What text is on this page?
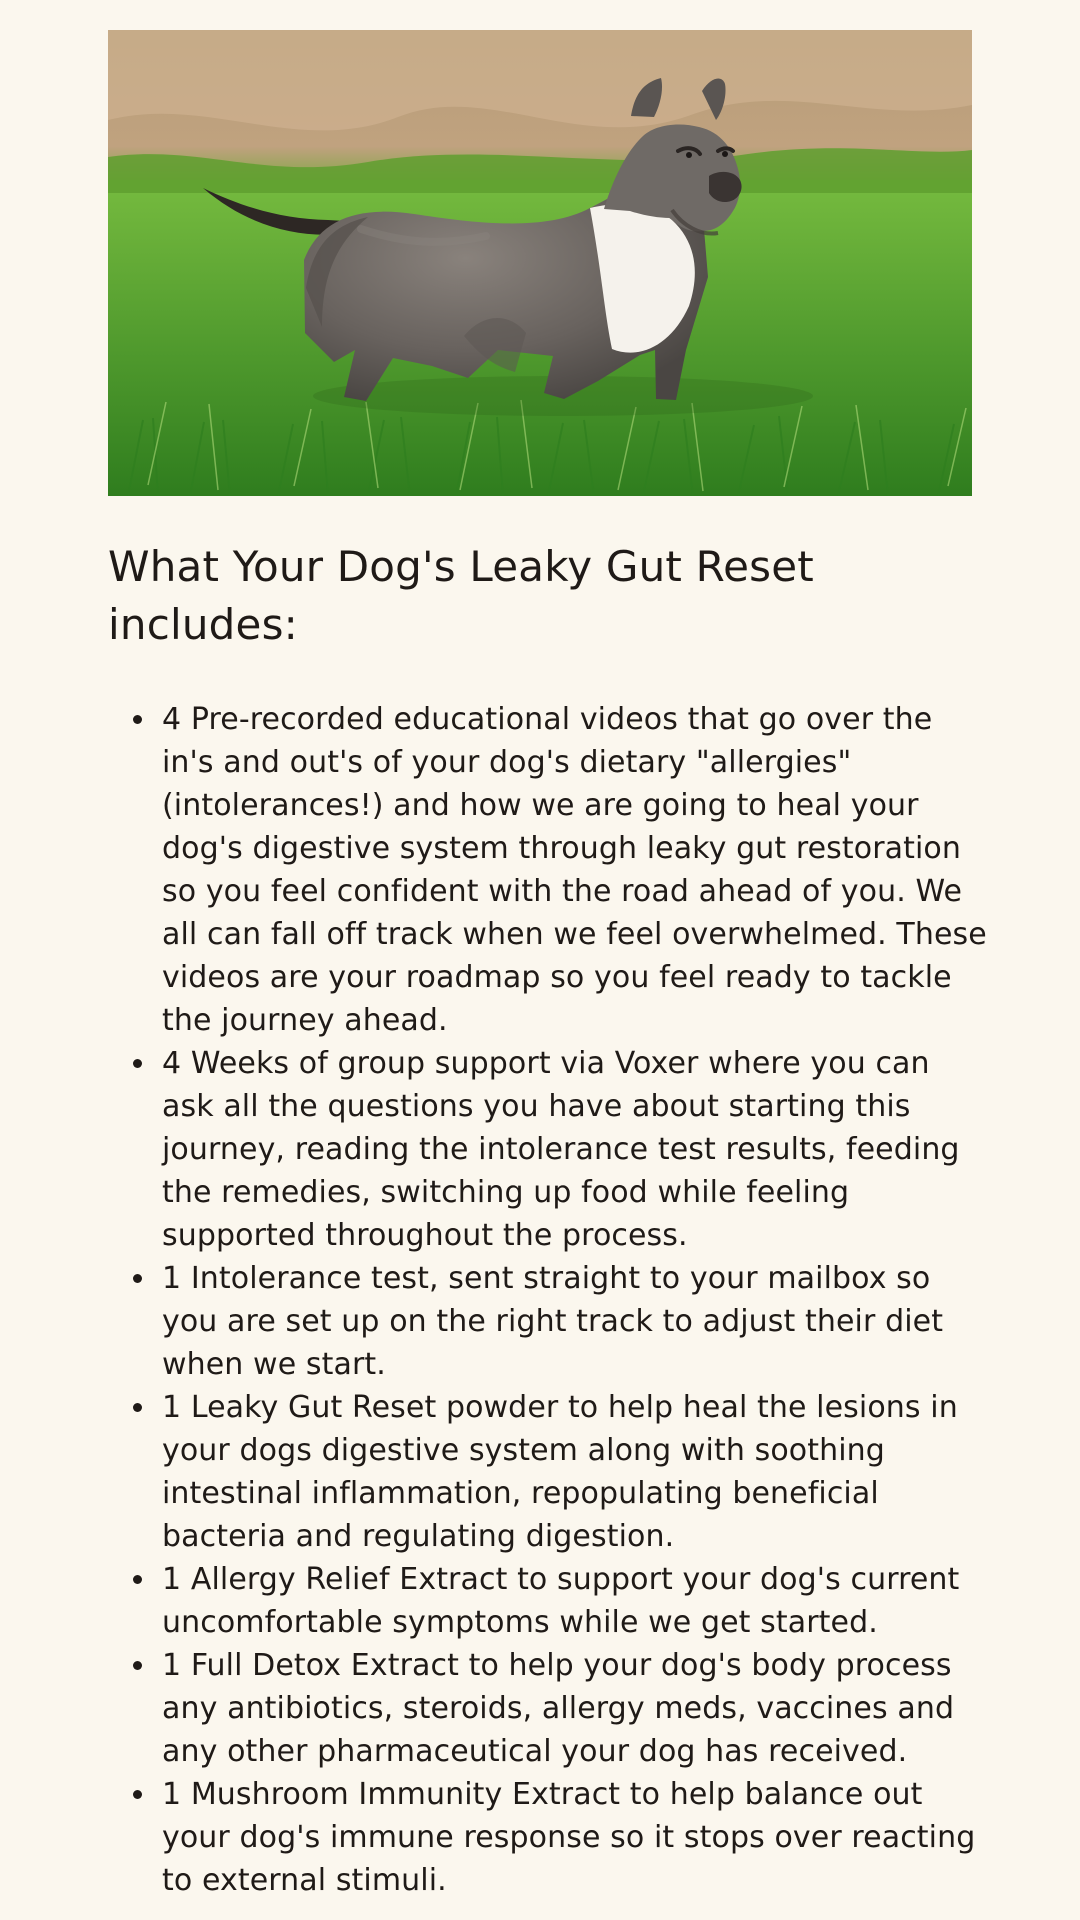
What Your Dog's Leaky Gut Reset includes:
4 Pre-recorded educational videos that go over the in's and out's of your dog's dietary "allergies" (intolerances!) and how we are going to heal your dog's digestive system through leaky gut restoration so you feel confident with the road ahead of you. We all can fall off track when we feel overwhelmed. These videos are your roadmap so you feel ready to tackle the journey ahead.
4 Weeks of group support via Voxer where you can ask all the questions you have about starting this journey, reading the intolerance test results, feeding the remedies, switching up food while feeling supported throughout the process.
1 Intolerance test, sent straight to your mailbox so you are set up on the right track to adjust their diet when we start.
1 Leaky Gut Reset powder to help heal the lesions in your dogs digestive system along with soothing intestinal inflammation, repopulating beneficial bacteria and regulating digestion.
1 Allergy Relief Extract to support your dog's current uncomfortable symptoms while we get started.
1 Full Detox Extract to help your dog's body process any antibiotics, steroids, allergy meds, vaccines and any other pharmaceutical your dog has received.
1 Mushroom Immunity Extract to help balance out your dog's immune response so it stops over reacting to external stimuli.
